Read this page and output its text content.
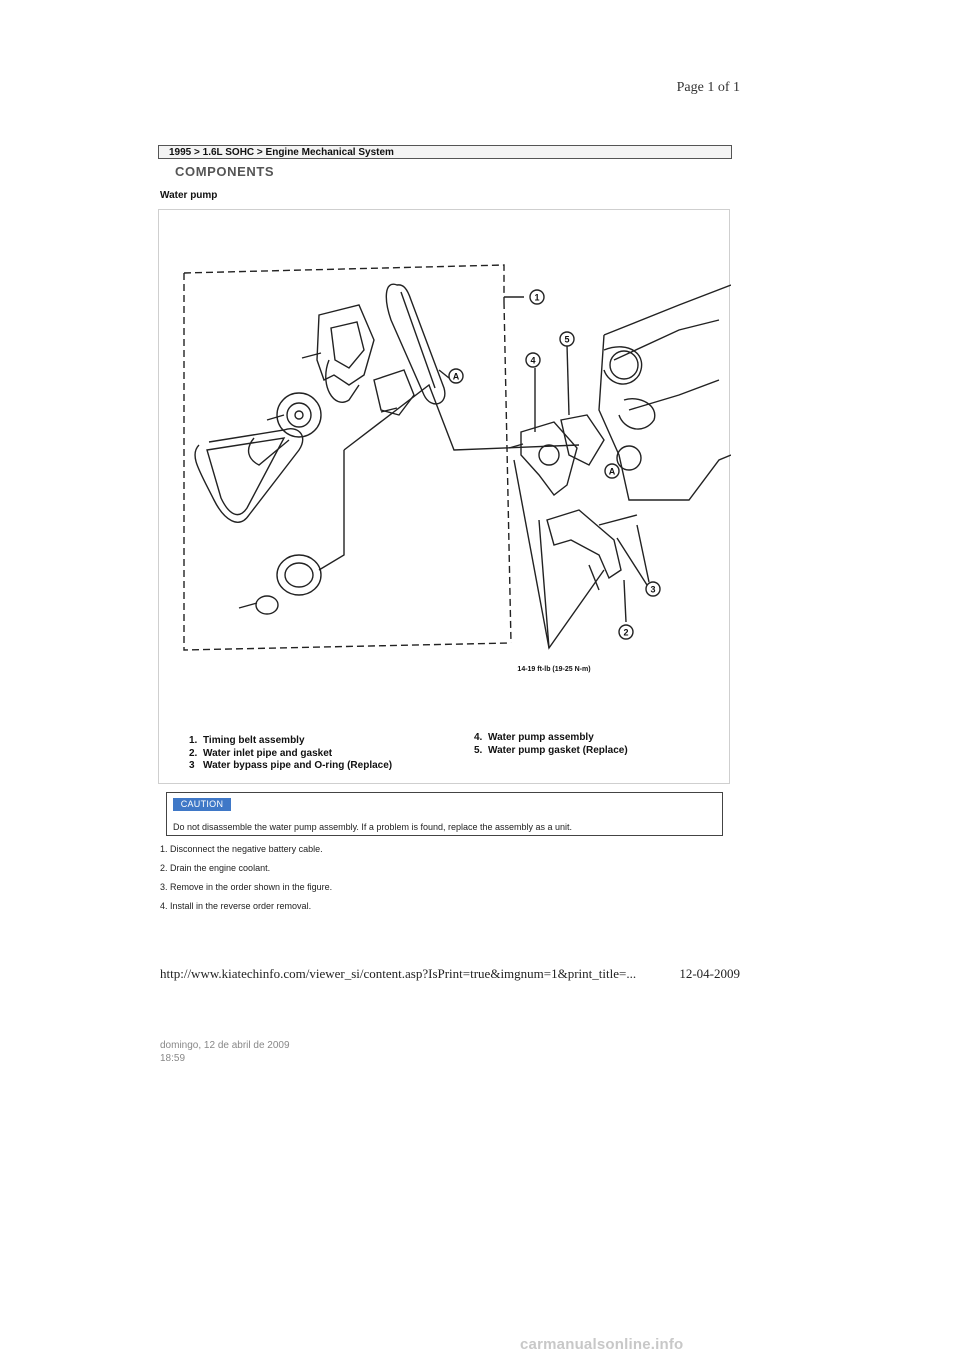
Page 1 of 1
1995 > 1.6L SOHC > Engine Mechanical System
COMPONENTS
Water pump
1
2
3
4
5
A
A
14-19 ft-lb (19-25 N-m)
1. Timing belt assembly
2. Water inlet pipe and gasket
3 Water bypass pipe and O-ring (Replace)
4. Water pump assembly
5. Water pump gasket (Replace)
CAUTION
Do not disassemble the water pump assembly. If a problem is found, replace the assembly as a unit.
1. Disconnect the negative battery cable.
2. Drain the engine coolant.
3. Remove in the order shown in the figure.
4. Install in the reverse order removal.
http://www.kiatechinfo.com/viewer_si/content.asp?IsPrint=true&imgnum=1&print_title=...	12-04-2009
domingo, 12 de abril de 2009
18:59
carmanualsonline.info
